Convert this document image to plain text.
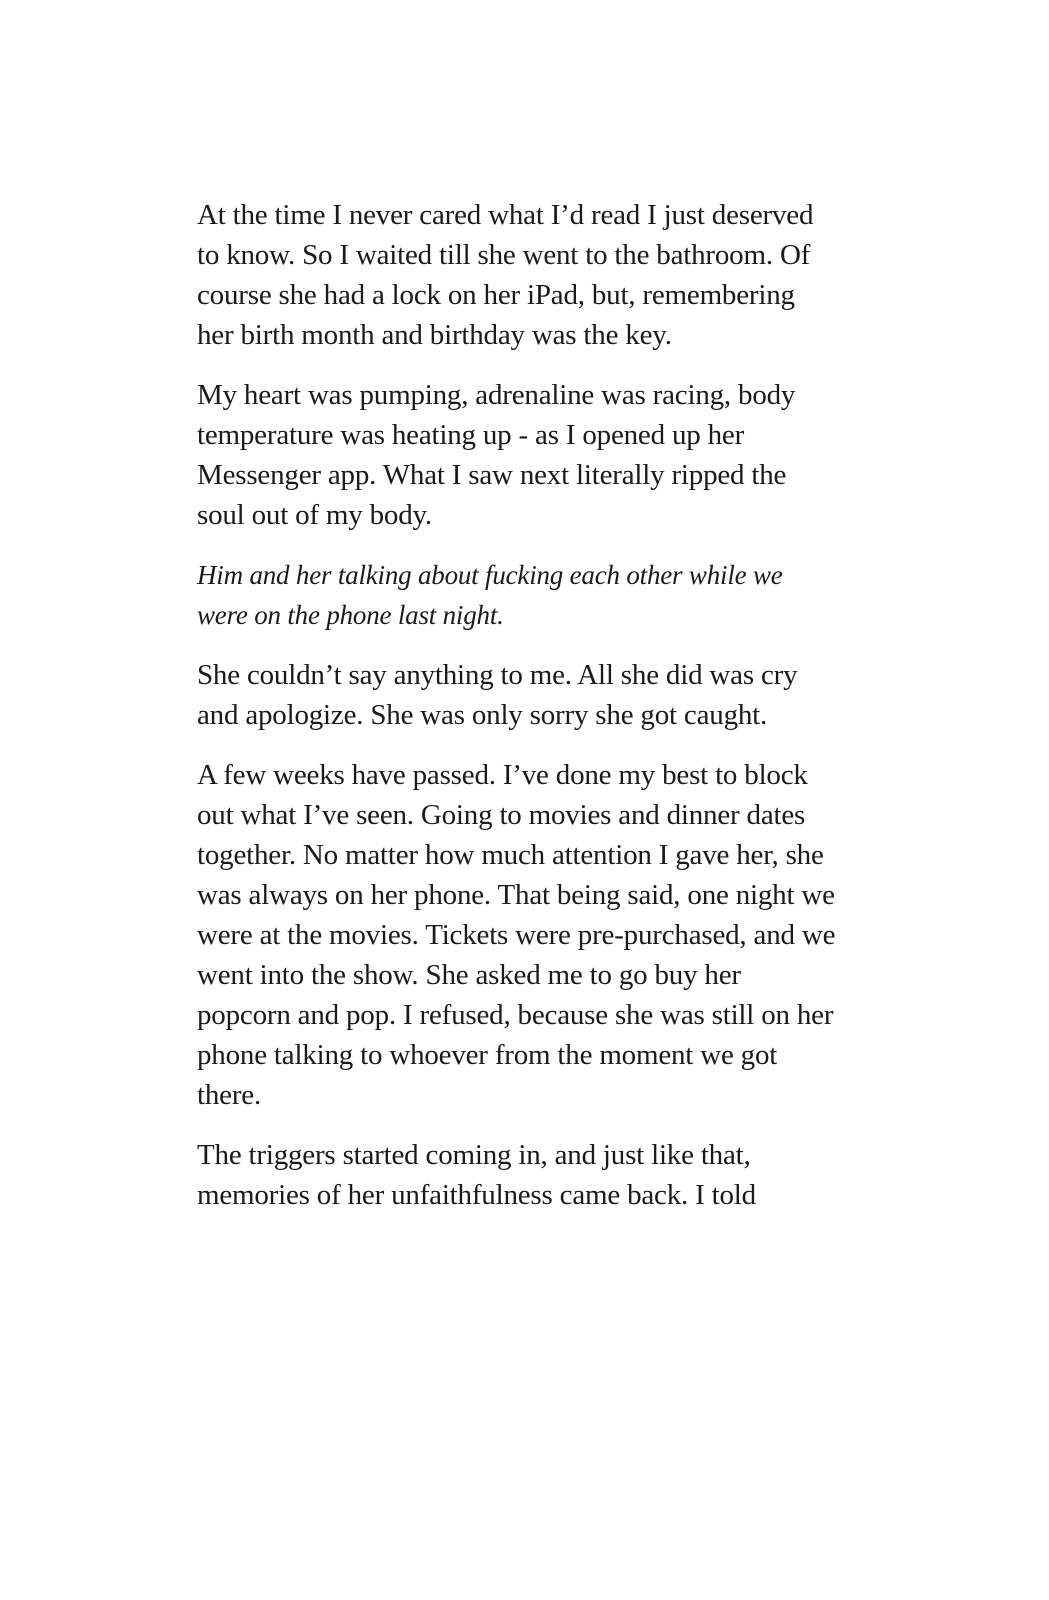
At the time I never cared what I’d read I just deserved to know. So I waited till she went to the bathroom. Of course she had a lock on her iPad, but, remembering her birth month and birthday was the key.

My heart was pumping, adrenaline was racing, body temperature was heating up - as I opened up her Messenger app. What I saw next literally ripped the soul out of my body.

Him and her talking about fucking each other while we were on the phone last night.

She couldn’t say anything to me. All she did was cry and apologize. She was only sorry she got caught.

A few weeks have passed. I’ve done my best to block out what I’ve seen. Going to movies and dinner dates together. No matter how much attention I gave her, she was always on her phone. That being said, one night we were at the movies. Tickets were pre-purchased, and we went into the show. She asked me to go buy her popcorn and pop. I refused, because she was still on her phone talking to whoever from the moment we got there.

The triggers started coming in, and just like that, memories of her unfaithfulness came back. I told
